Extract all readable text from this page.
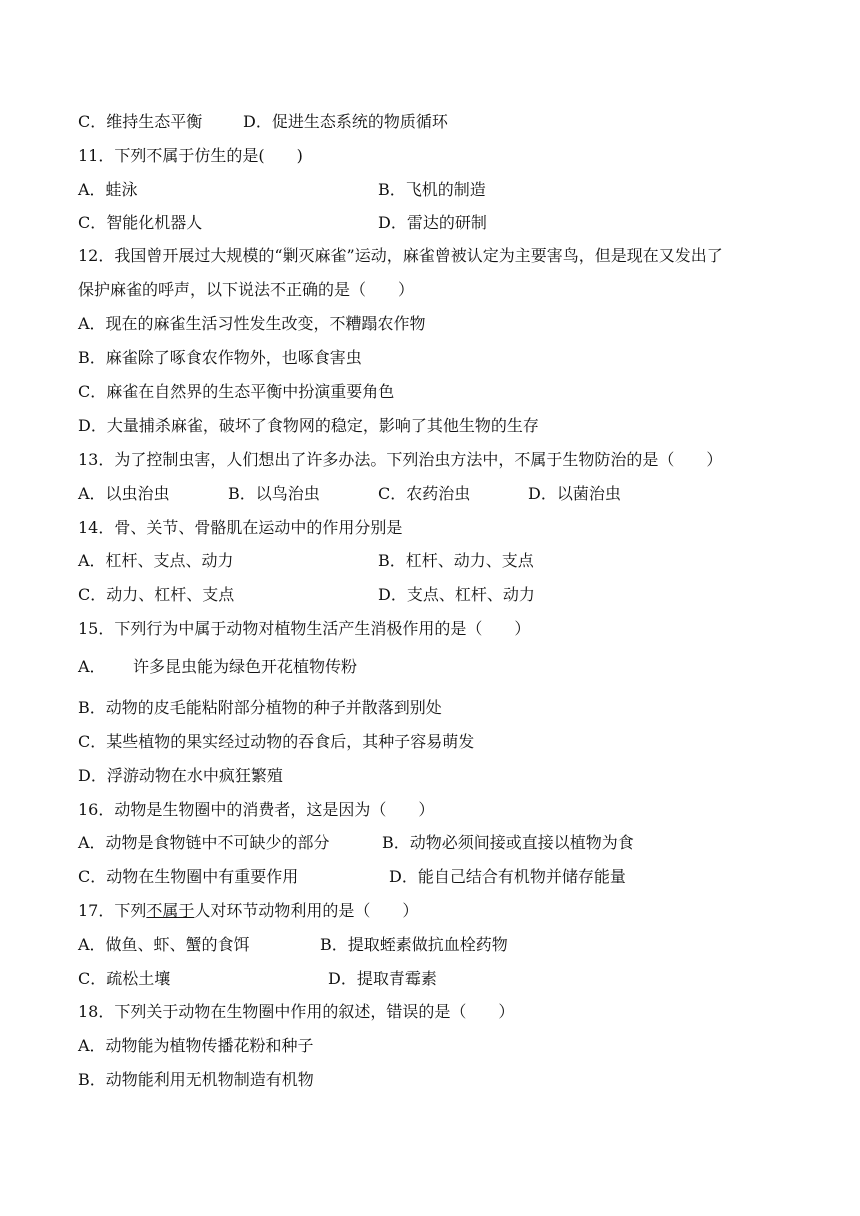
C．维持生态平衡	D．促进生态系统的物质循环
11．下列不属于仿生的是(　　)
A．蛙泳	B．飞机的制造
C．智能化机器人	D．雷达的研制
12．我国曾开展过大规模的“剿灭麻雀”运动，麻雀曾被认定为主要害鸟，但是现在又发出了
保护麻雀的呼声，以下说法不正确的是（　　）
A．现在的麻雀生活习性发生改变，不糟蹋农作物
B．麻雀除了啄食农作物外，也啄食害虫
C．麻雀在自然界的生态平衡中扮演重要角色
D．大量捕杀麻雀，破坏了食物网的稳定，影响了其他生物的生存
13．为了控制虫害，人们想出了许多办法。下列治虫方法中，不属于生物防治的是（　　）
A．以虫治虫	B．以鸟治虫	C．农药治虫	D．以菌治虫
14．骨、关节、骨骼肌在运动中的作用分别是
A．杠杆、支点、动力	B．杠杆、动力、支点
C．动力、杠杆、支点	D．支点、杠杆、动力
15．下列行为中属于动物对植物生活产生消极作用的是（　　）
A． 许多昆虫能为绿色开花植物传粉
B．动物的皮毛能粘附部分植物的种子并散落到别处
C．某些植物的果实经过动物的吞食后，其种子容易萌发
D．浮游动物在水中疯狂繁殖
16．动物是生物圈中的消费者，这是因为（　　）
A．动物是食物链中不可缺少的部分	B．动物必须间接或直接以植物为食
C．动物在生物圈中有重要作用	D．能自己结合有机物并储存能量
17．下列不属于人对环节动物利用的是（　　）
A．做鱼、虾、蟹的食饵	B．提取蛭素做抗血栓药物
C．疏松土壤	D．提取青霉素
18．下列关于动物在生物圈中作用的叙述，错误的是（　　）
A．动物能为植物传播花粉和种子
B．动物能利用无机物制造有机物
